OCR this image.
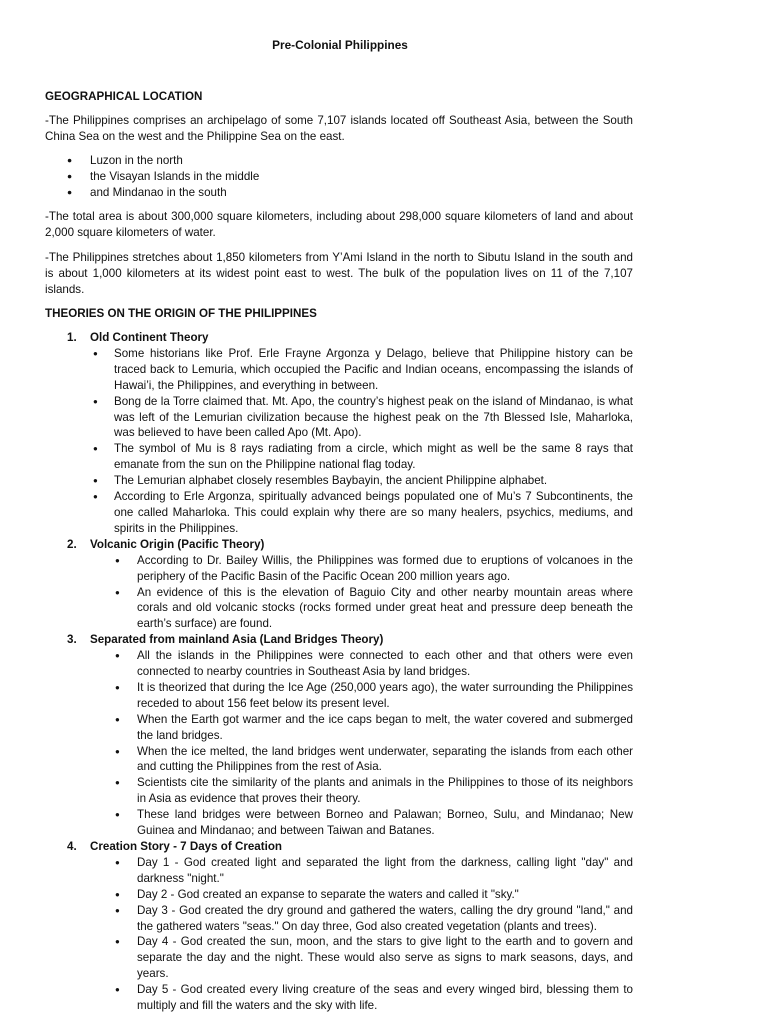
Pre-Colonial Philippines
GEOGRAPHICAL LOCATION
-The Philippines comprises an archipelago of some 7,107 islands located off Southeast Asia, between the South China Sea on the west and the Philippine Sea on the east.
● Luzon in the north
● the Visayan Islands in the middle
● and Mindanao in the south
-The total area is about 300,000 square kilometers, including about 298,000 square kilometers of land and about 2,000 square kilometers of water.
-The Philippines stretches about 1,850 kilometers from Y’Ami Island in the north to Sibutu Island in the south and is about 1,000 kilometers at its widest point east to west. The bulk of the population lives on 11 of the 7,107 islands.
THEORIES ON THE ORIGIN OF THE PHILIPPINES
1. Old Continent Theory
● Some historians like Prof. Erle Frayne Argonza y Delago, believe that Philippine history can be traced back to Lemuria, which occupied the Pacific and Indian oceans, encompassing the islands of Hawai’i, the Philippines, and everything in between.
● Bong de la Torre claimed that. Mt. Apo, the country’s highest peak on the island of Mindanao, is what was left of the Lemurian civilization because the highest peak on the 7th Blessed Isle, Maharloka, was believed to have been called Apo (Mt. Apo).
● The symbol of Mu is 8 rays radiating from a circle, which might as well be the same 8 rays that emanate from the sun on the Philippine national flag today.
● The Lemurian alphabet closely resembles Baybayin, the ancient Philippine alphabet.
● According to Erle Argonza, spiritually advanced beings populated one of Mu’s 7 Subcontinents, the one called Maharloka. This could explain why there are so many healers, psychics, mediums, and spirits in the Philippines.
2. Volcanic Origin (Pacific Theory)
● According to Dr. Bailey Willis, the Philippines was formed due to eruptions of volcanoes in the periphery of the Pacific Basin of the Pacific Ocean 200 million years ago.
● An evidence of this is the elevation of Baguio City and other nearby mountain areas where corals and old volcanic stocks (rocks formed under great heat and pressure deep beneath the earth’s surface) are found.
3. Separated from mainland Asia (Land Bridges Theory)
● All the islands in the Philippines were connected to each other and that others were even connected to nearby countries in Southeast Asia by land bridges.
● It is theorized that during the Ice Age (250,000 years ago), the water surrounding the Philippines receded to about 156 feet below its present level.
● When the Earth got warmer and the ice caps began to melt, the water covered and submerged the land bridges.
● When the ice melted, the land bridges went underwater, separating the islands from each other and cutting the Philippines from the rest of Asia.
● Scientists cite the similarity of the plants and animals in the Philippines to those of its neighbors in Asia as evidence that proves their theory.
● These land bridges were between Borneo and Palawan; Borneo, Sulu, and Mindanao; New Guinea and Mindanao; and between Taiwan and Batanes.
4. Creation Story - 7 Days of Creation
● Day 1 - God created light and separated the light from the darkness, calling light "day" and darkness "night."
● Day 2 - God created an expanse to separate the waters and called it "sky."
● Day 3 - God created the dry ground and gathered the waters, calling the dry ground "land," and the gathered waters "seas." On day three, God also created vegetation (plants and trees).
● Day 4 - God created the sun, moon, and the stars to give light to the earth and to govern and separate the day and the night. These would also serve as signs to mark seasons, days, and years.
● Day 5 - God created every living creature of the seas and every winged bird, blessing them to multiply and fill the waters and the sky with life.
